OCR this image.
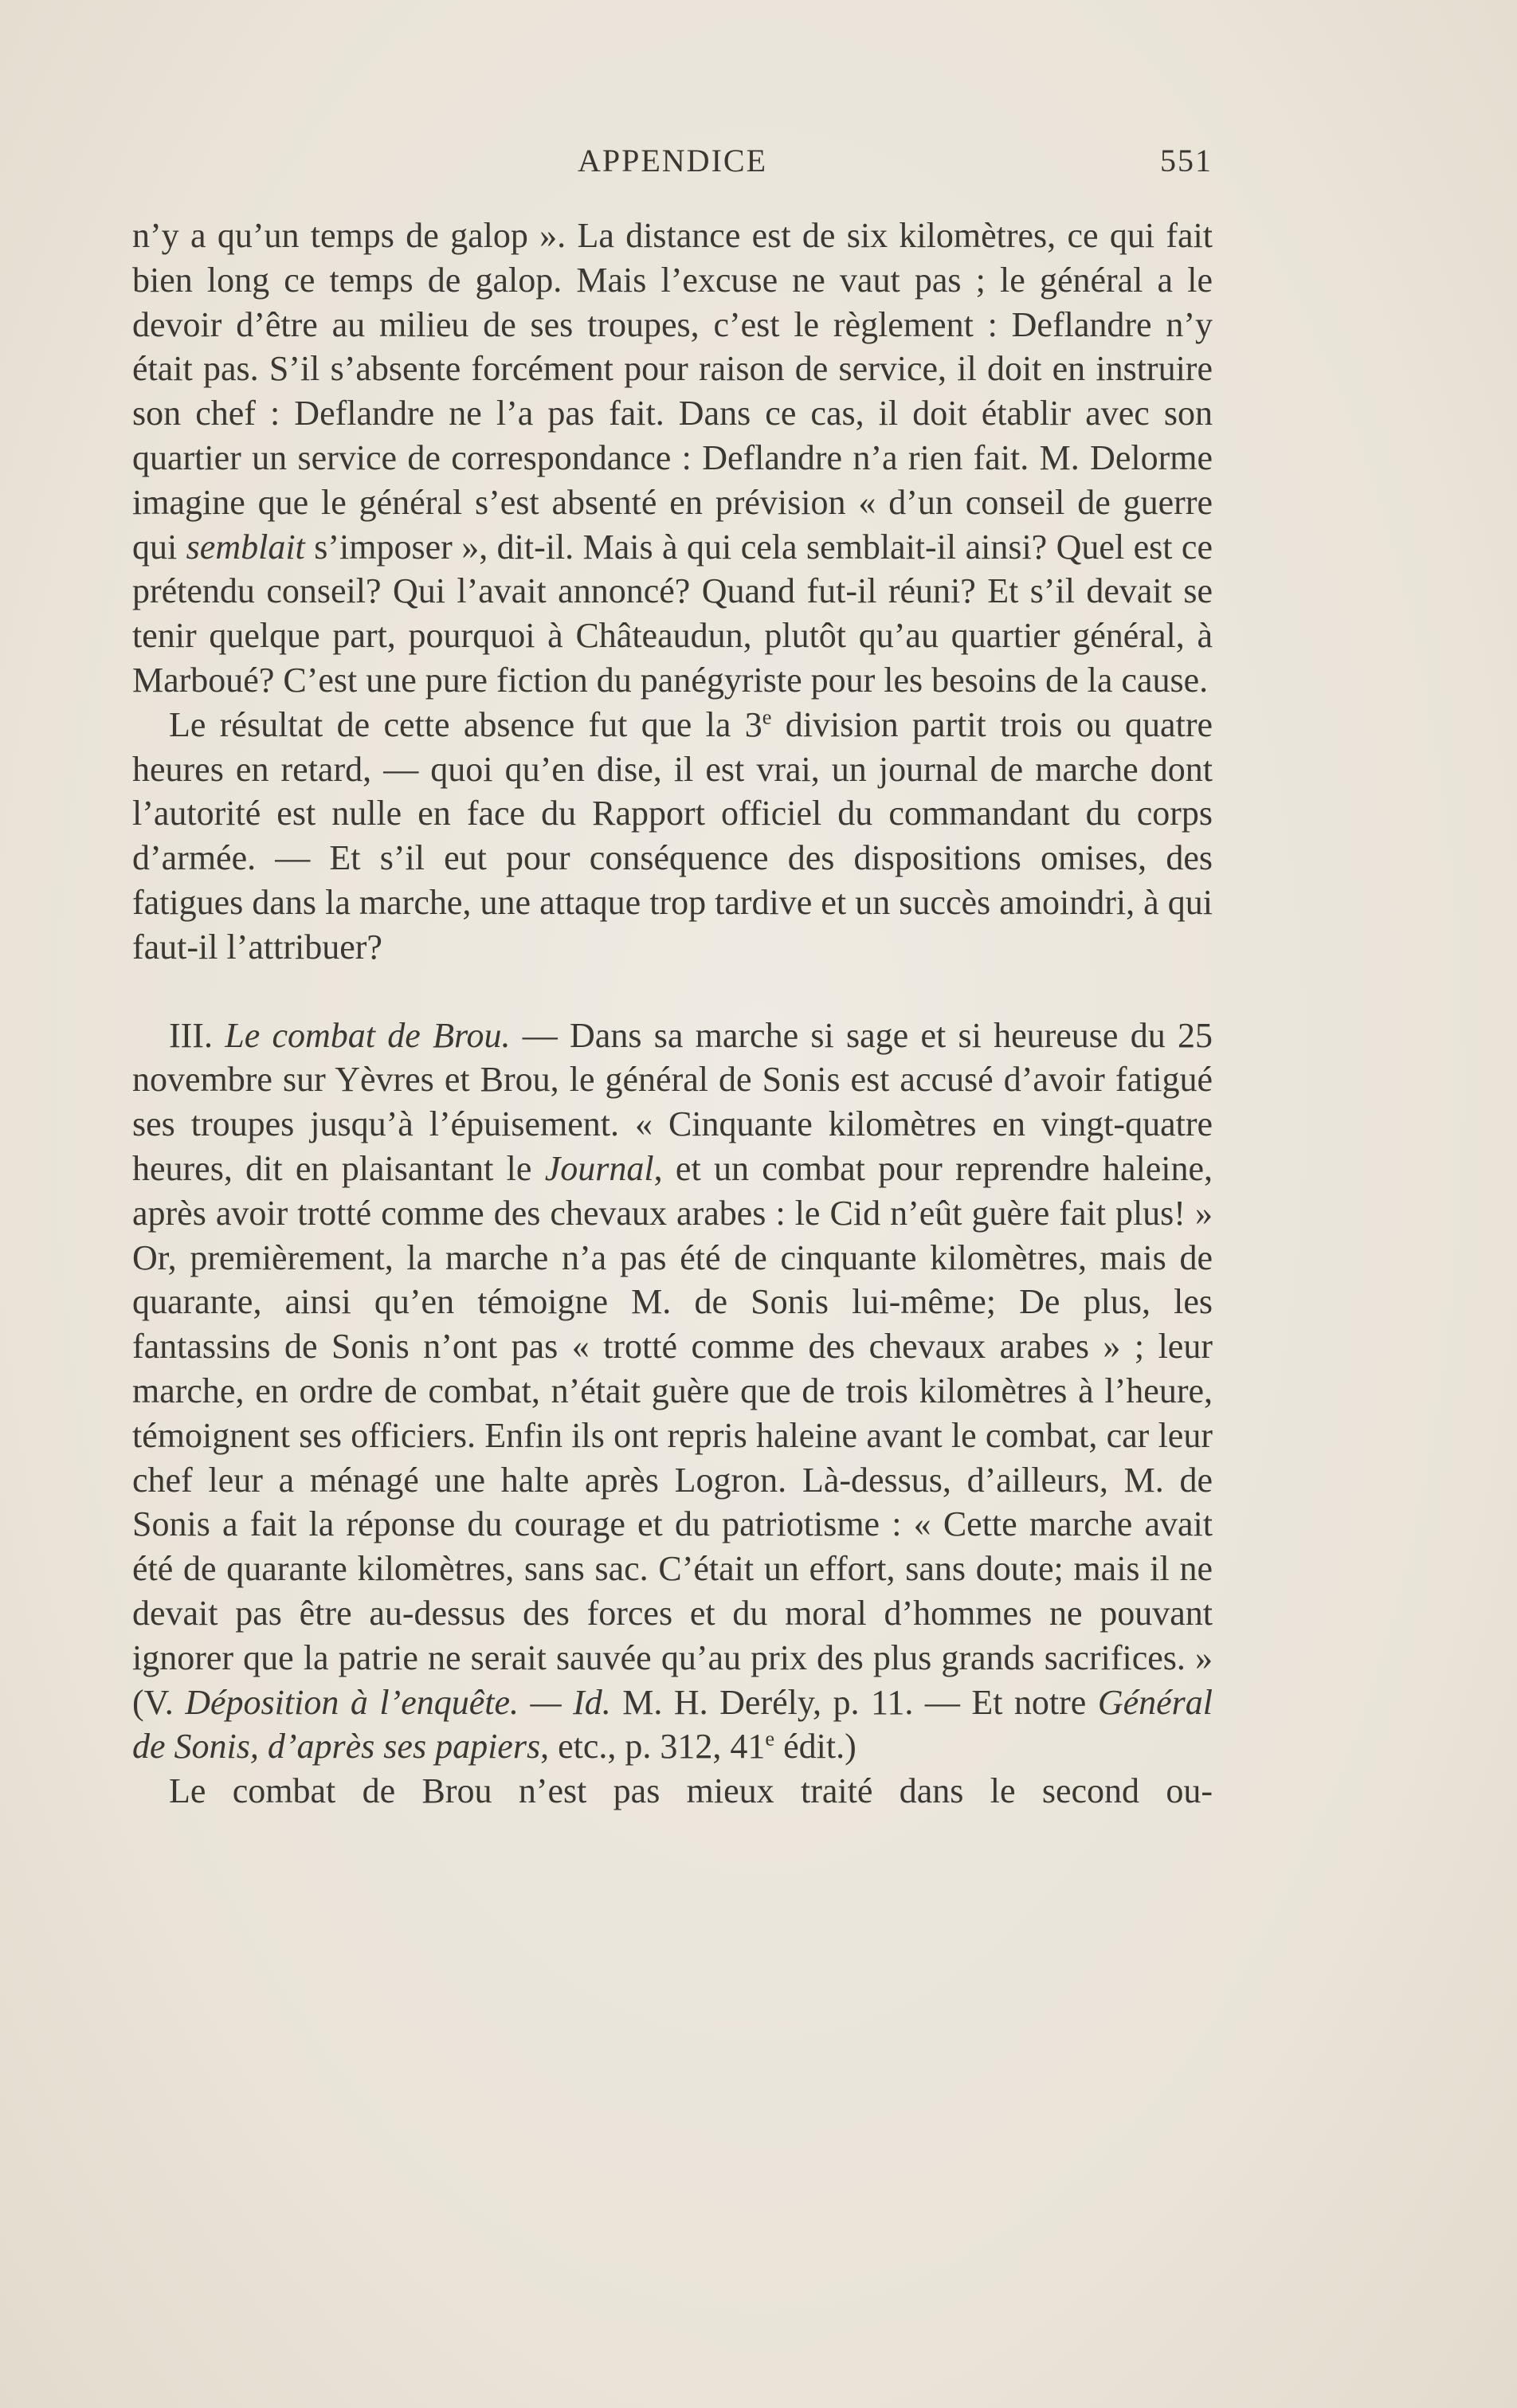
APPENDICE	551

n’y a qu’un temps de galop ». La distance est de six kilomètres, ce qui fait bien long ce temps de galop. Mais l’excuse ne vaut pas ; le général a le devoir d’être au milieu de ses troupes, c’est le règlement : Deflandre n’y était pas. S’il s’absente forcément pour raison de service, il doit en instruire son chef : Deflandre ne l’a pas fait. Dans ce cas, il doit établir avec son quartier un service de correspondance : Deflandre n’a rien fait. M. Delorme imagine que le général s’est absenté en prévision « d’un conseil de guerre qui semblait s’imposer », dit-il. Mais à qui cela semblait-il ainsi? Quel est ce prétendu conseil? Qui l’avait annoncé? Quand fut-il réuni? Et s’il devait se tenir quelque part, pourquoi à Châteaudun, plutôt qu’au quartier général, à Marboué? C’est une pure fiction du panégyriste pour les besoins de la cause.

Le résultat de cette absence fut que la 3e division partit trois ou quatre heures en retard, — quoi qu’en dise, il est vrai, un journal de marche dont l’autorité est nulle en face du Rapport officiel du commandant du corps d’armée. — Et s’il eut pour conséquence des dispositions omises, des fatigues dans la marche, une attaque trop tardive et un succès amoindri, à qui faut-il l’attribuer?

III. Le combat de Brou. — Dans sa marche si sage et si heureuse du 25 novembre sur Yèvres et Brou, le général de Sonis est accusé d’avoir fatigué ses troupes jusqu’à l’épuisement. « Cinquante kilomètres en vingt-quatre heures, dit en plaisantant le Journal, et un combat pour reprendre haleine, après avoir trotté comme des chevaux arabes : le Cid n’eût guère fait plus! » Or, premièrement, la marche n’a pas été de cinquante kilomètres, mais de quarante, ainsi qu’en témoigne M. de Sonis lui-même; De plus, les fantassins de Sonis n’ont pas « trotté comme des chevaux arabes » ; leur marche, en ordre de combat, n’était guère que de trois kilomètres à l’heure, témoignent ses officiers. Enfin ils ont repris haleine avant le combat, car leur chef leur a ménagé une halte après Logron. Là-dessus, d’ailleurs, M. de Sonis a fait la réponse du courage et du patriotisme : « Cette marche avait été de quarante kilomètres, sans sac. C’était un effort, sans doute; mais il ne devait pas être au-dessus des forces et du moral d’hommes ne pouvant ignorer que la patrie ne serait sauvée qu’au prix des plus grands sacrifices. » (V. Déposition à l’enquête. — Id. M. H. Derély, p. 11. — Et notre Général de Sonis, d’après ses papiers, etc., p. 312, 41e édit.)

Le combat de Brou n’est pas mieux traité dans le second ou-
